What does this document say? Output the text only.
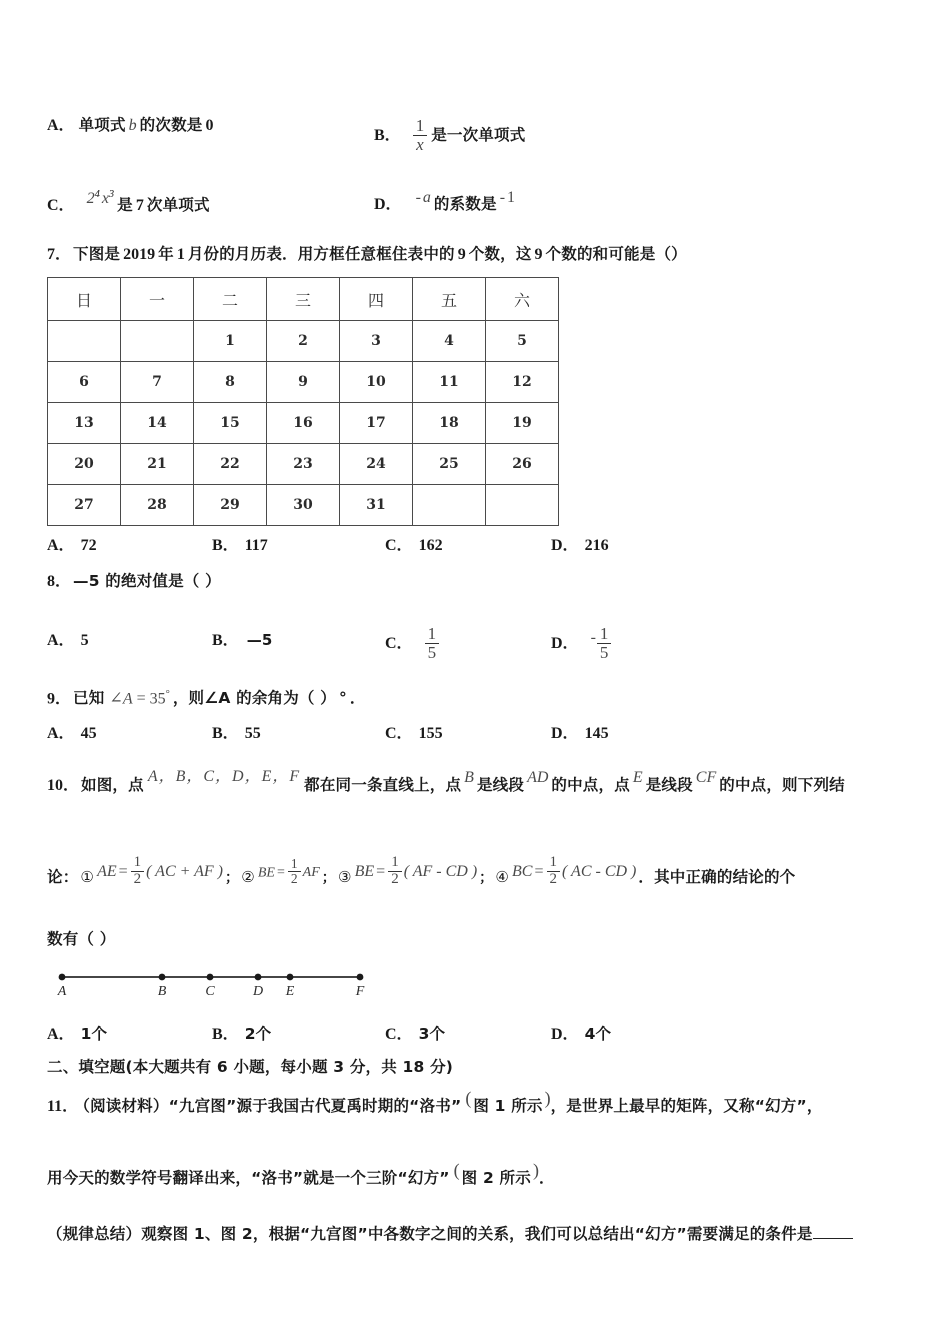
A． 单项式 b 的次数是 0
B． $\frac{1}{x}$ 是一次单项式
C． $2^4$ $x^3$是 7 次单项式	D． - a 的系数是 - 1
7． 下图是 2019 年 1 月份的月历表．用方框任意框住表中的 9 个数，这 9 个数的和可能是（）
日	一	二	三	四	五	六
		1	2	3	4	5
6	7	8	9	10	11	12
13	14	15	16	17	18	19
20	21	22	23	24	25	26
27	28	29	30	31		
A． 72	B． 117	C． 162	D． 216
8． —5 的绝对值是（ ）
A． 5	B． —5	C． $\frac{1}{5}$	D． - $\frac{1}{5}$
9． 已知 ∠A = 35° ，则∠A 的余角为（ ） ° ．
A． 45	B． 55	C． 155	D． 145
10． 如图，点 A，B，C，D，E，F 都在同一条直线上，点 B 是线段 AD 的中点，点 E 是线段 CF 的中点，则下列结
论： ① AE = $\frac{1}{2}$ ( AC + AF ) ； ② BE = $\frac{1}{2}$ AF ； ③ BE = $\frac{1}{2}$ ( AF - CD ) ； ④ BC = $\frac{1}{2}$ ( AC - CD ) ．其中正确的结论的个
数有（ ）
A	B	C	D E	F
A． 1个	B． 2个	C． 3个	D． 4个
二、填空题(本大题共有 6 小题，每小题 3 分，共 18 分)
11． （阅读材料）“九宫图”源于我国古代夏禹时期的“洛书” ( 图 1 所示 )，是世界上最早的矩阵，又称“幻方”，
用今天的数学符号翻译出来，“洛书”就是一个三阶“幻方” ( 图 2 所示 )．
（规律总结）观察图 1、图 2，根据“九宫图”中各数字之间的关系，我们可以总结出“幻方”需要满足的条件是
